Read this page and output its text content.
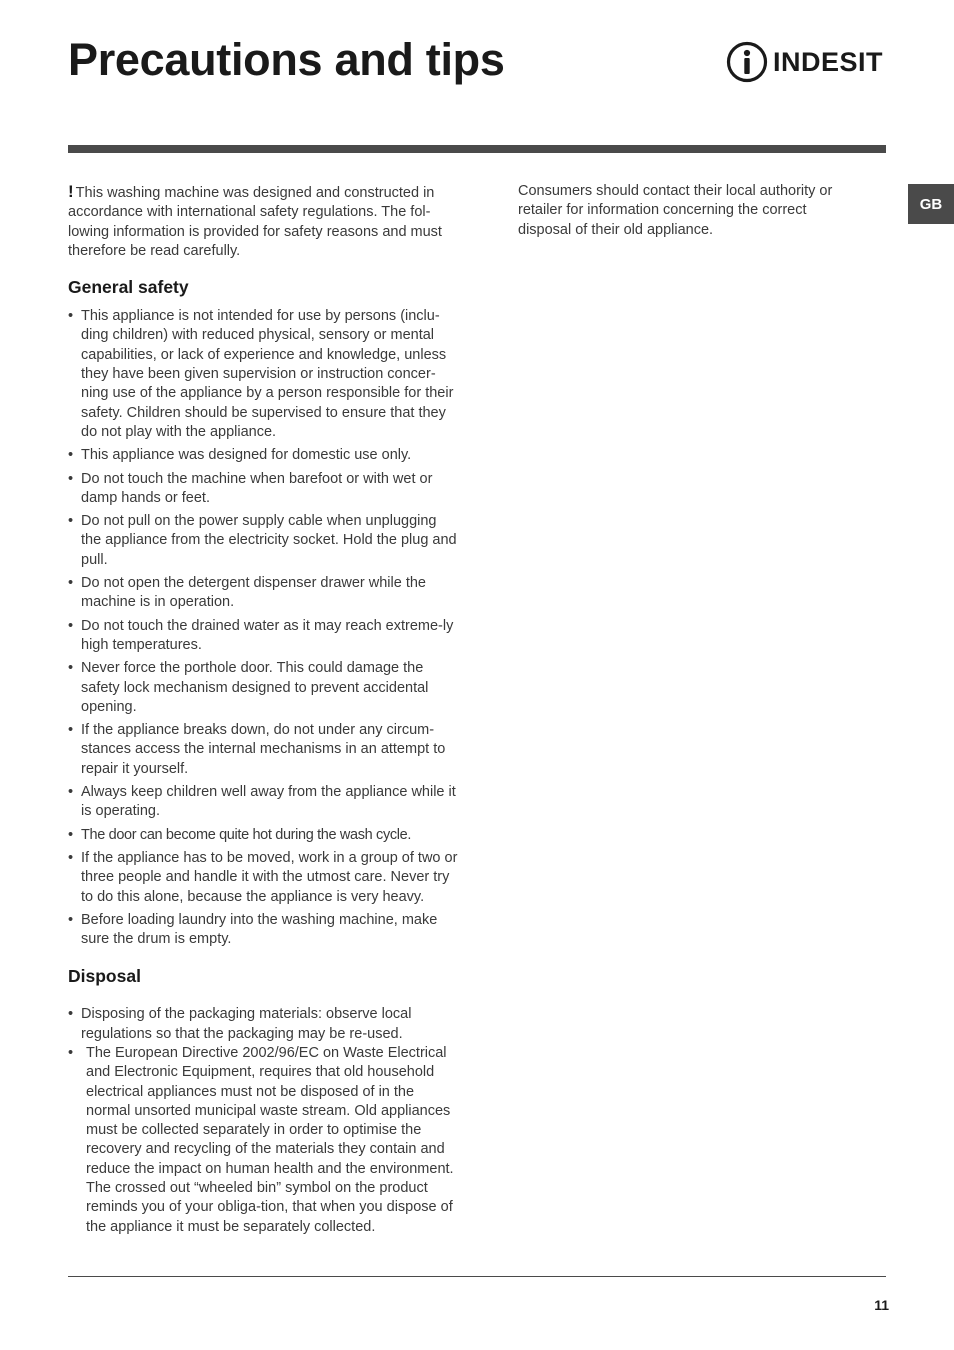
Precautions and tips	INDESIT
GB

! This washing machine was designed and constructed in accordance with international safety regulations. The fol-lowing information is provided for safety reasons and must therefore be read carefully.

General safety
• This appliance is not intended for use by persons (inclu-ding children) with reduced physical, sensory or mental capabilities, or lack of experience and knowledge, unless they have been given supervision or instruction concer-ning use of the appliance by a person responsible for their safety. Children should be supervised to ensure that they do not play with the appliance.
• This appliance was designed for domestic use only.
• Do not touch the machine when barefoot or with wet or damp hands or feet.
• Do not pull on the power supply cable when unplugging the appliance from the electricity socket. Hold the plug and pull.
• Do not open the detergent dispenser drawer while the machine is in operation.
• Do not touch the drained water as it may reach extreme-ly high temperatures.
• Never force the porthole door. This could damage the safety lock mechanism designed to prevent accidental opening.
• If the appliance breaks down, do not under any circum-stances access the internal mechanisms in an attempt to repair it yourself.
• Always keep children well away from the appliance while it is operating.
• The door can become quite hot during the wash cycle.
• If the appliance has to be moved, work in a group of two or three people and handle it with the utmost care. Never try to do this alone, because the appliance is very heavy.
• Before loading laundry into the washing machine, make sure the drum is empty.
Disposal
• Disposing of the packaging materials: observe local regulations so that the packaging may be re-used.
• The European Directive 2002/96/EC on Waste Electrical and Electronic Equipment, requires that old household electrical appliances must not be disposed of in the normal unsorted municipal waste stream. Old appliances must be collected separately in order to optimise the recovery and recycling of the materials they contain and reduce the impact on human health and the environment. The crossed out “wheeled bin” symbol on the product reminds you of your obliga-tion, that when you dispose of the appliance it must be separately collected.

Consumers should contact their local authority or retailer for information concerning the correct disposal of their old appliance.

11
